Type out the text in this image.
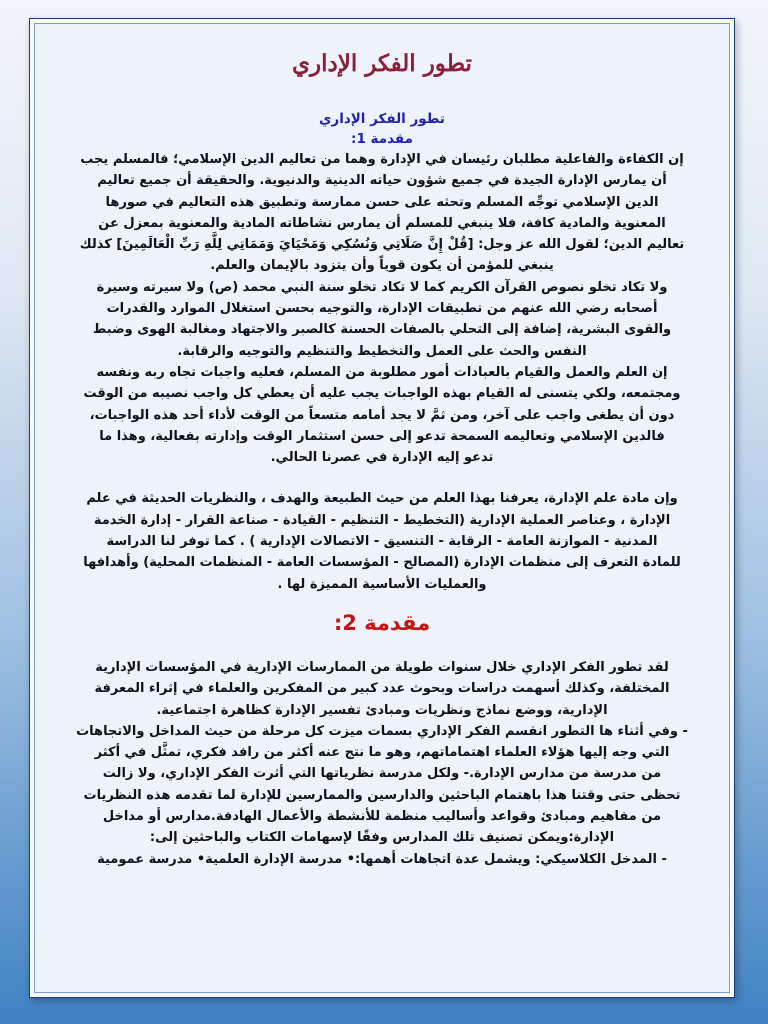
تطور الفكر الإداري
تطور الفكر الإداري
مقدمة 1:

إن الكفاءة والفاعلية مطلبان رئيسان في الإدارة وهما من تعاليم الدين الإسلامي؛ فالمسلم يجب
أن يمارس الإدارة الجيدة في جميع شؤون حياته الدينية والدنيوية. والحقيقة أن جميع تعاليم
الدين الإسلامي توجِّه المسلم وتحثه على حسن ممارسة وتطبيق هذه التعاليم في صورها
المعنوية والمادية كافة، فلا ينبغي للمسلم أن يمارس نشاطاته المادية والمعنوية بمعزل عن
تعاليم الدين؛ لقول الله عز وجل: [قُلْ إِنَّ صَلَاتِي وَنُسُكِي وَمَحْيَايَ وَمَمَاتِي لِلَّهِ رَبِّ الْعَالَمِينَ] كذلك
ينبغي للمؤمن أن يكون قوياً وأن يتزود بالإيمان والعلم.

ولا تكاد تخلو نصوص القرآن الكريم كما لا تكاد تخلو سنة النبي محمد (ص) ولا سيرته وسيرة
أصحابه رضي الله عنهم من تطبيقات الإدارة، والتوجيه بحسن استغلال الموارد والقدرات
والقوى البشرية، إضافة إلى التحلي بالصفات الحسنة كالصبر والاجتهاد ومغالبة الهوى وضبط
النفس والحث على العمل والتخطيط والتنظيم والتوجيه والرقابة.

إن العلم والعمل والقيام بالعبادات أمور مطلوبة من المسلم، فعليه واجبات تجاه ربه ونفسه
ومجتمعه، ولكي يتسنى له القيام بهذه الواجبات يجب عليه أن يعطي كل واجب نصيبه من الوقت
دون أن يطغى واجب على آخر، ومن ثمَّ لا يجد أمامه متسعاً من الوقت لأداء أحد هذه الواجبات،
فالدين الإسلامي وتعاليمه السمحة تدعو إلى حسن استثمار الوقت وإدارته بفعالية، وهذا ما
تدعو إليه الإدارة في عصرنا الحالي.

وإن مادة علم الإدارة، يعرفنا بهذا العلم من حيث الطبيعة والهدف ، والنظريات الحديثة في علم
الإدارة ، وعناصر العملية الإدارية (التخطيط - التنظيم - القيادة - صناعة القرار - إدارة الخدمة
المدنية - الموازنة العامة - الرقابة - التنسيق - الاتصالات الإدارية ) . كما توفر لنا الدراسة
للمادة التعرف إلى منظمات الإدارة (المصالح - المؤسسات العامة - المنظمات المحلية) وأهدافها
والعمليات الأساسية المميزة لها .

مقدمة 2:

لقد تطور الفكر الإداري خلال سنوات طويلة من الممارسات الإدارية في المؤسسات الإدارية
المختلفة، وكذلك أسهمت دراسات وبحوث عدد كبير من المفكرين والعلماء في إثراء المعرفة
الإدارية، ووضع نماذج ونظريات ومبادئ تفسير الإدارة كظاهرة اجتماعية.
- وفي أثناء ها التطور انقسم الفكر الإداري بسمات ميزت كل مرحلة من حيث المداخل والاتجاهات
التي وجه إليها هؤلاء العلماء اهتماماتهم، وهو ما نتج عنه أكثر من رافد فكري، تمثَّل في أكثر
من مدرسة من مدارس الإدارة.- ولكل مدرسة نظرياتها التي أثرت الفكر الإداري، ولا زالت
تحظى حتى وقتنا هذا باهتمام الباحثين والدارسين والممارسين للإدارة لما تقدمه هذه النظريات
من مفاهيم ومبادئ وقواعد وأساليب منظمة للأنشطة والأعمال الهادفة.مدارس أو مداخل
الإدارة:ويمكن تصنيف تلك المدارس وفقًا لإسهامات الكتاب والباحثين إلى:
- المدخل الكلاسيكي: ويشمل عدة اتجاهات أهمها:• مدرسة الإدارة العلمية• مدرسة عمومية
